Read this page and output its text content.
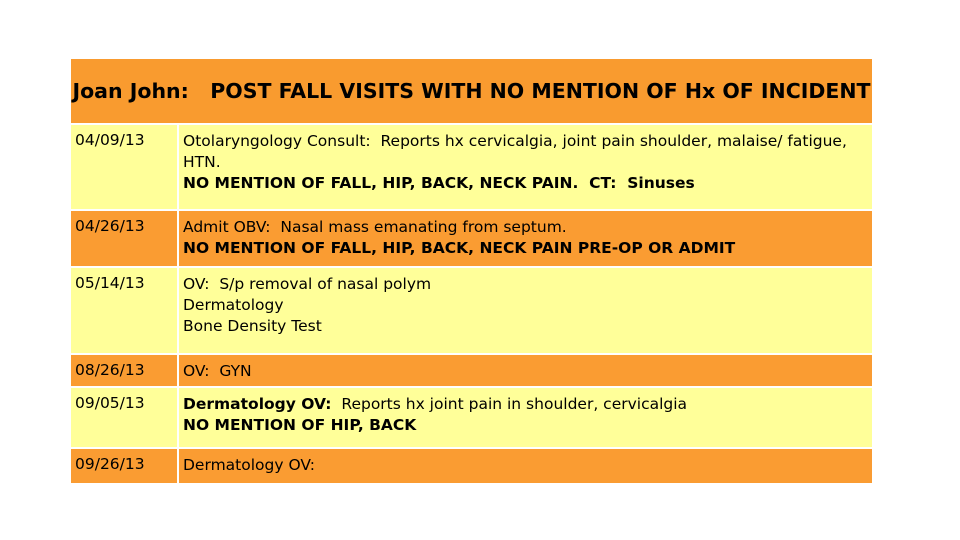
Joan John:   POST FALL VISITS WITH NO MENTION OF Hx OF INCIDENT
04/09/13	Otolaryngology Consult:  Reports hx cervicalgia, joint pain shoulder, malaise/ fatigue, HTN.
NO MENTION OF FALL, HIP, BACK, NECK PAIN.  CT:  Sinuses
04/26/13	Admit OBV:  Nasal mass emanating from septum.
NO MENTION OF FALL, HIP, BACK, NECK PAIN PRE-OP OR ADMIT
05/14/13	OV:  S/p removal of nasal polym
Dermatology
Bone Density Test
08/26/13	OV:  GYN
09/05/13	Dermatology OV: Reports hx joint pain in shoulder, cervicalgia
NO MENTION OF HIP, BACK
09/26/13	Dermatology OV:
